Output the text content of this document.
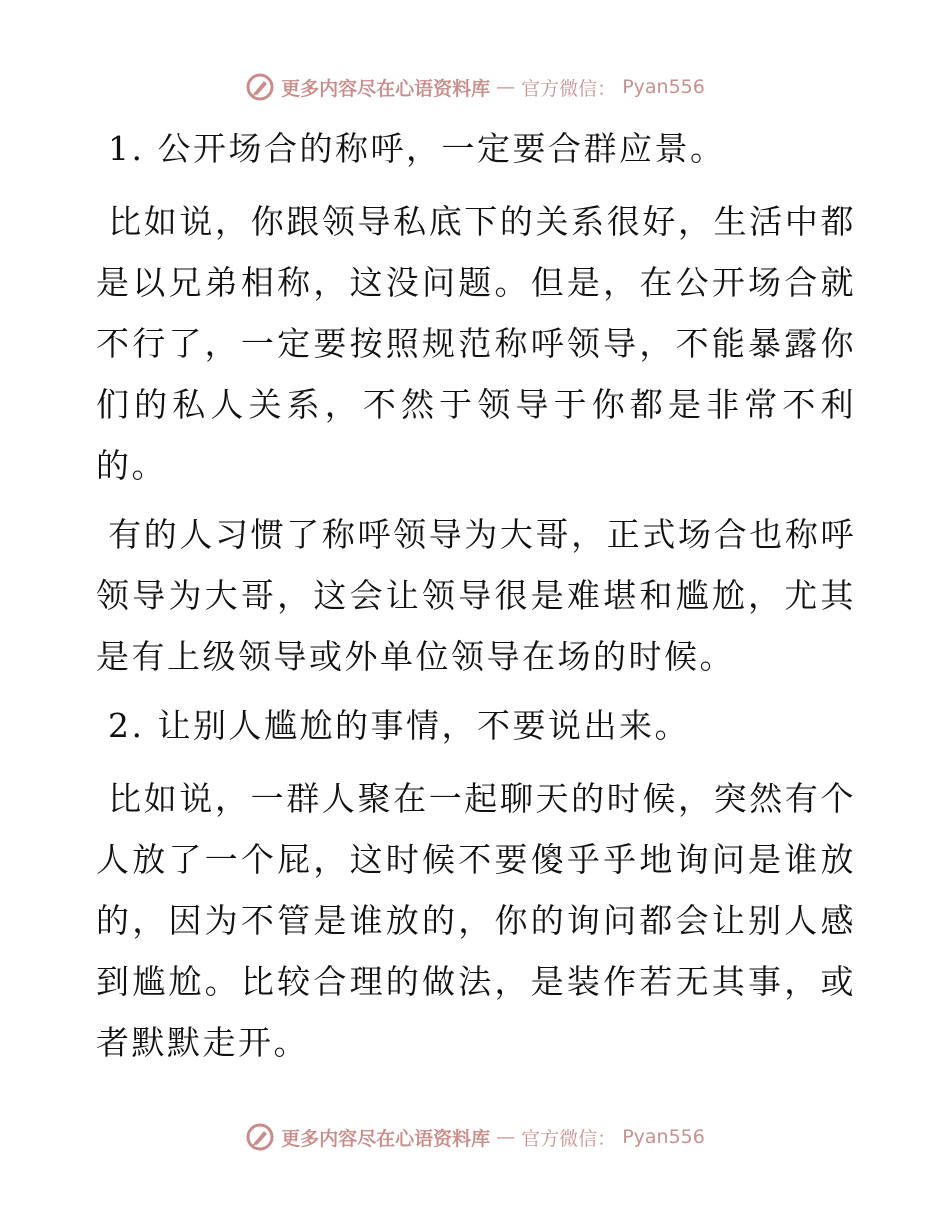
更多内容尽在心语资料库 — 官方微信： Pyan556

1. 公开场合的称呼，一定要合群应景。

比如说，你跟领导私底下的关系很好，生活中都是以兄弟相称，这没问题。但是，在公开场合就不行了，一定要按照规范称呼领导，不能暴露你们的私人关系，不然于领导于你都是非常不利的。

有的人习惯了称呼领导为大哥，正式场合也称呼领导为大哥，这会让领导很是难堪和尴尬，尤其是有上级领导或外单位领导在场的时候。

2. 让别人尴尬的事情，不要说出来。

比如说，一群人聚在一起聊天的时候，突然有个人放了一个屁，这时候不要傻乎乎地询问是谁放的，因为不管是谁放的，你的询问都会让别人感到尴尬。比较合理的做法，是装作若无其事，或者默默走开。

更多内容尽在心语资料库 — 官方微信： Pyan556
